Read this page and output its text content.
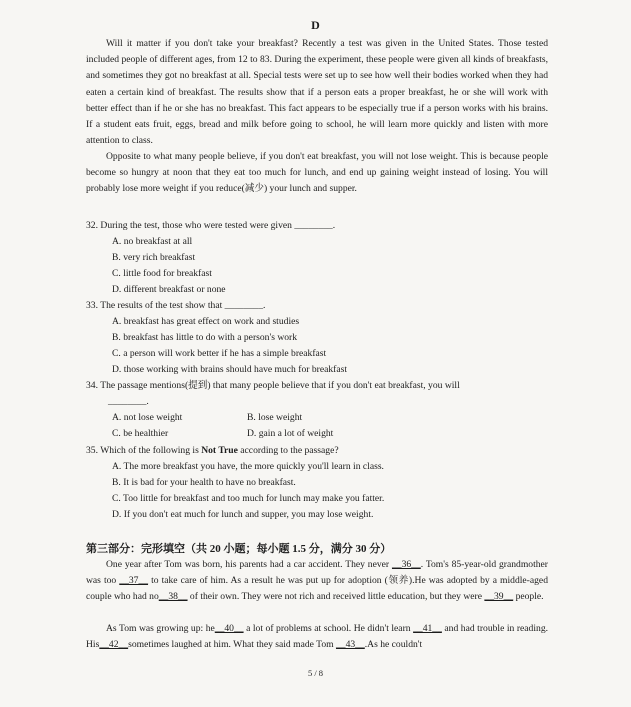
D
Will it matter if you don't take your breakfast? Recently a test was given in the United States. Those tested included people of different ages, from 12 to 83. During the experiment, these people were given all kinds of breakfasts, and sometimes they got no breakfast at all. Special tests were set up to see how well their bodies worked when they had eaten a certain kind of breakfast. The results show that if a person eats a proper breakfast, he or she will work with better effect than if he or she has no breakfast. This fact appears to be especially true if a person works with his brains. If a student eats fruit, eggs, bread and milk before going to school, he will learn more quickly and listen with more attention to class.
Opposite to what many people believe, if you don't eat breakfast, you will not lose weight. This is because people become so hungry at noon that they eat too much for lunch, and end up gaining weight instead of losing. You will probably lose more weight if you reduce(减少) your lunch and supper.
32. During the test, those who were tested were given ________.
A. no breakfast at all
B. very rich breakfast
C. little food for breakfast
D. different breakfast or none
33. The results of the test show that ________.
A. breakfast has great effect on work and studies
B. breakfast has little to do with a person's work
C. a person will work better if he has a simple breakfast
D. those working with brains should have much for breakfast
34. The passage mentions(提到) that many people believe that if you don't eat breakfast, you will
________.
A. not lose weight	B. lose weight
C. be healthier	D. gain a lot of weight
35. Which of the following is Not True according to the passage?
A. The more breakfast you have, the more quickly you'll learn in class.
B. It is bad for your health to have no breakfast.
C. Too little for breakfast and too much for lunch may make you fatter.
D. If you don't eat much for lunch and supper, you may lose weight.
第三部分：完形填空（共 20 小题；每小题 1.5 分，满分 30 分）
One year after Tom was born, his parents had a car accident. They never __36__. Tom's 85-year-old grandmother was too __37__ to take care of him. As a result he was put up for adoption (领养).He was adopted by a middle-aged couple who had no__38__ of their own. They were not rich and received little education, but they were __39__ people.
As Tom was growing up: he__40__ a lot of problems at school. He didn't learn __41__ and had trouble in reading. His__42__sometimes laughed at him. What they said made Tom __43__.As he couldn't
5 / 8
